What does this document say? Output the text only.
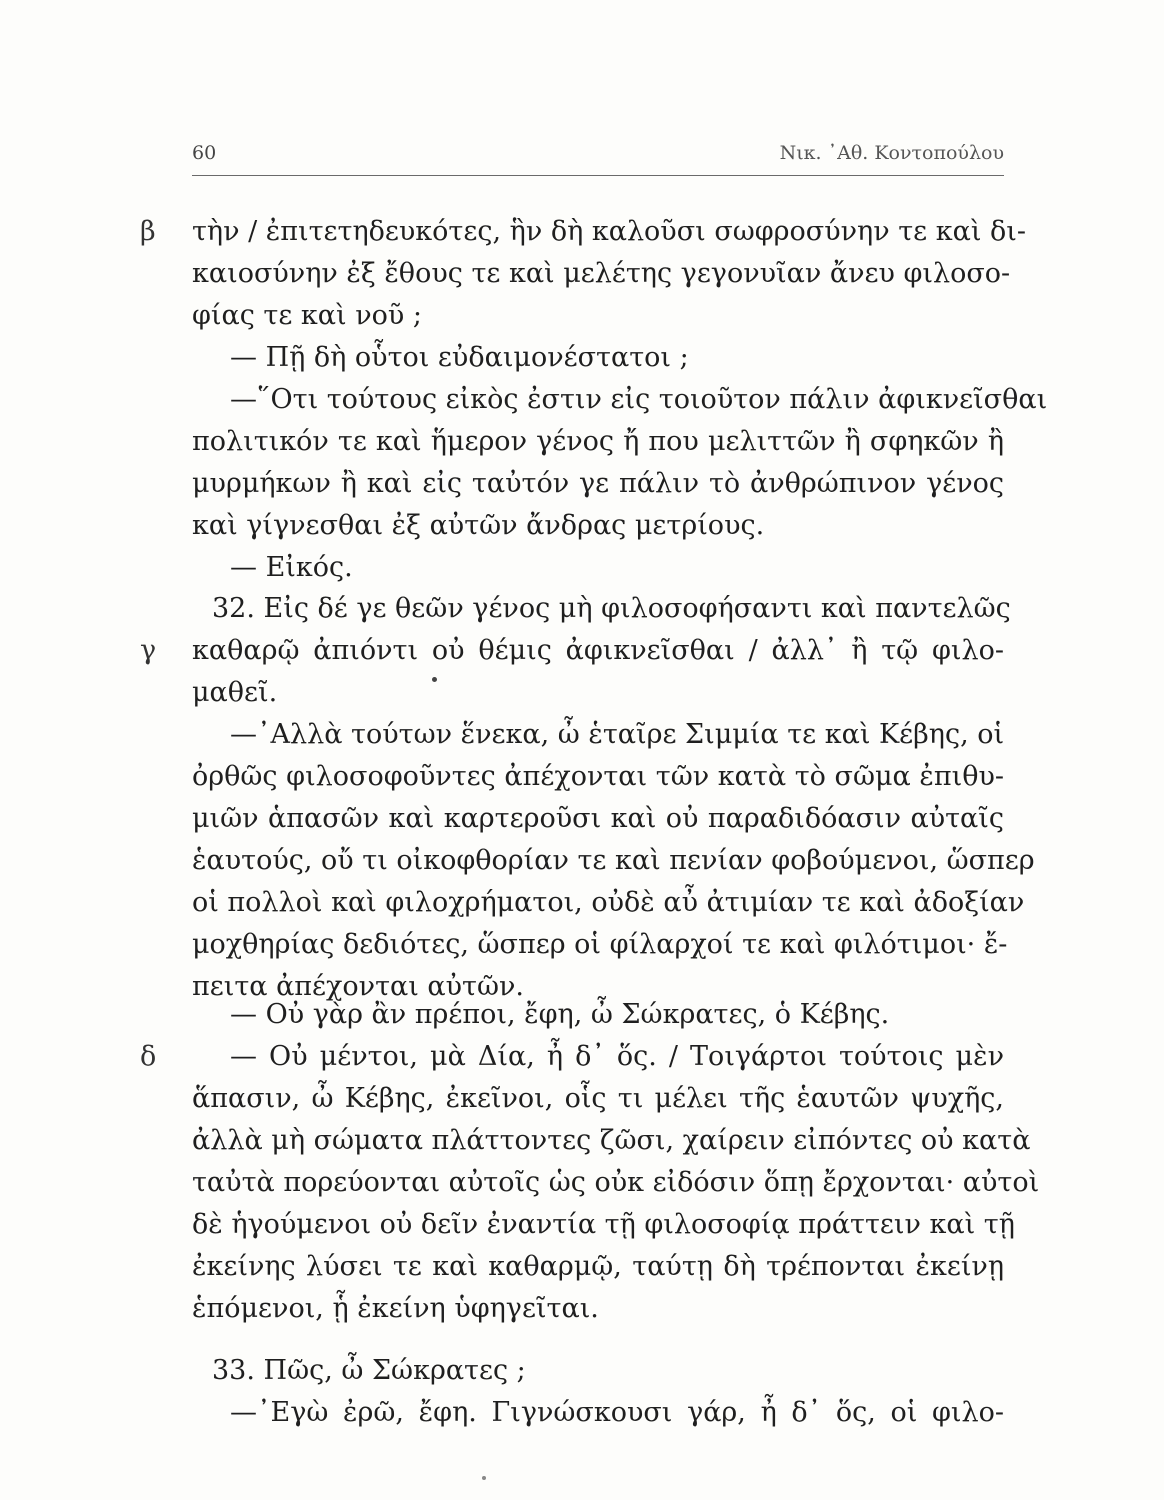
60	Νικ. ᾿Αθ. Κοντοπούλου
β
γ
δ
τὴν / ἐπιτετηδευκότες, ἣν δὴ καλοῦσι σωφροσύνην τε καὶ δι-
καιοσύνην ἐξ ἔθους τε καὶ μελέτης γεγονυῖαν ἄνευ φιλοσο-
φίας τε καὶ νοῦ ;
— Πῇ δὴ οὗτοι εὐδαιμονέστατοι ;
—῞Οτι τούτους εἰκὸς ἐστιν εἰς τοιοῦτον πάλιν ἀφικνεῖσθαι
πολιτικόν τε καὶ ἥμερον γένος ἤ που μελιττῶν ἢ σφηκῶν ἢ
μυρμήκων ἢ καὶ εἰς ταὐτόν γε πάλιν τὸ ἀνθρώπινον γένος
καὶ γίγνεσθαι ἐξ αὐτῶν ἄνδρας μετρίους.
— Εἰκός.
32. Εἰς δέ γε θεῶν γένος μὴ φιλοσοφήσαντι καὶ παντελῶς
καθαρῷ ἀπιόντι οὐ θέμις ἀφικνεῖσθαι / ἀλλ᾽ ἢ τῷ φιλο-
μαθεῖ.
—᾽Αλλὰ τούτων ἕνεκα, ὦ ἑταῖρε Σιμμία τε καὶ Κέβης, οἱ
ὀρθῶς φιλοσοφοῦντες ἀπέχονται τῶν κατὰ τὸ σῶμα ἐπιθυ-
μιῶν ἁπασῶν καὶ καρτεροῦσι καὶ οὐ παραδιδόασιν αὐταῖς
ἑαυτούς, οὔ τι οἰκοφθορίαν τε καὶ πενίαν φοβούμενοι, ὥσπερ
οἱ πολλοὶ καὶ φιλοχρήματοι, οὐδὲ αὖ ἀτιμίαν τε καὶ ἀδοξίαν
μοχθηρίας δεδιότες, ὥσπερ οἱ φίλαρχοί τε καὶ φιλότιμοι· ἔ-
πειτα ἀπέχονται αὐτῶν.
— Οὐ γὰρ ἂν πρέποι, ἔφη, ὦ Σώκρατες, ὁ Κέβης.
— Οὐ μέντοι, μὰ Δία, ἦ δ᾽ ὅς. / Τοιγάρτοι τούτοις μὲν
ἅπασιν, ὦ Κέβης, ἐκεῖνοι, οἷς τι μέλει τῆς ἑαυτῶν ψυχῆς,
ἀλλὰ μὴ σώματα πλάττοντες ζῶσι, χαίρειν εἰπόντες οὐ κατὰ
ταὐτὰ πορεύονται αὐτοῖς ὡς οὐκ εἰδόσιν ὅπῃ ἔρχονται· αὐτοὶ
δὲ ἡγούμενοι οὐ δεῖν ἐναντία τῇ φιλοσοφίᾳ πράττειν καὶ τῇ
ἐκείνης λύσει τε καὶ καθαρμῷ, ταύτῃ δὴ τρέπονται ἐκείνῃ
ἑπόμενοι, ᾗ ἐκείνη ὑφηγεῖται.
33. Πῶς, ὦ Σώκρατες ;
—᾽Εγὼ ἐρῶ, ἔφη. Γιγνώσκουσι γάρ, ἦ δ᾽ ὅς, οἱ φιλο-
